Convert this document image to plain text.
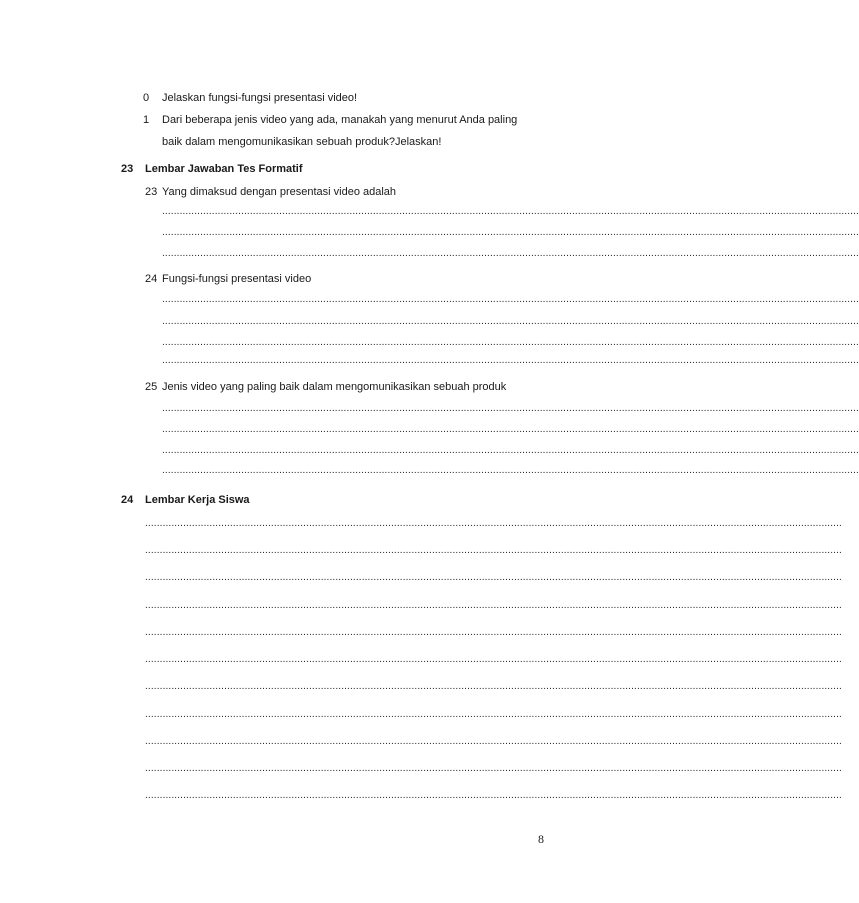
0 Jelaskan fungsi-fungsi presentasi video!
1 Dari beberapa jenis video yang ada, manakah yang menurut Anda paling
baik dalam mengomunikasikan sebuah produk?Jelaskan!
23 Lembar Jawaban Tes Formatif
23 Yang dimaksud dengan presentasi video adalah
..............................................................................................................................................................................................................................................
..............................................................................................................................................................................................................................................
..............................................................................................................................................................................................................................................
24 Fungsi-fungsi presentasi video
..............................................................................................................................................................................................................................................
..............................................................................................................................................................................................................................................
..............................................................................................................................................................................................................................................
..............................................................................................................................................................................................................................................
25 Jenis video yang paling baik dalam mengomunikasikan sebuah produk
..............................................................................................................................................................................................................................................
..............................................................................................................................................................................................................................................
..............................................................................................................................................................................................................................................
..............................................................................................................................................................................................................................................
24 Lembar Kerja Siswa
..............................................................................................................................................................................................................................................
..............................................................................................................................................................................................................................................
..............................................................................................................................................................................................................................................
..............................................................................................................................................................................................................................................
..............................................................................................................................................................................................................................................
..............................................................................................................................................................................................................................................
..............................................................................................................................................................................................................................................
..............................................................................................................................................................................................................................................
..............................................................................................................................................................................................................................................
..............................................................................................................................................................................................................................................
..............................................................................................................................................................................................................................................
8
